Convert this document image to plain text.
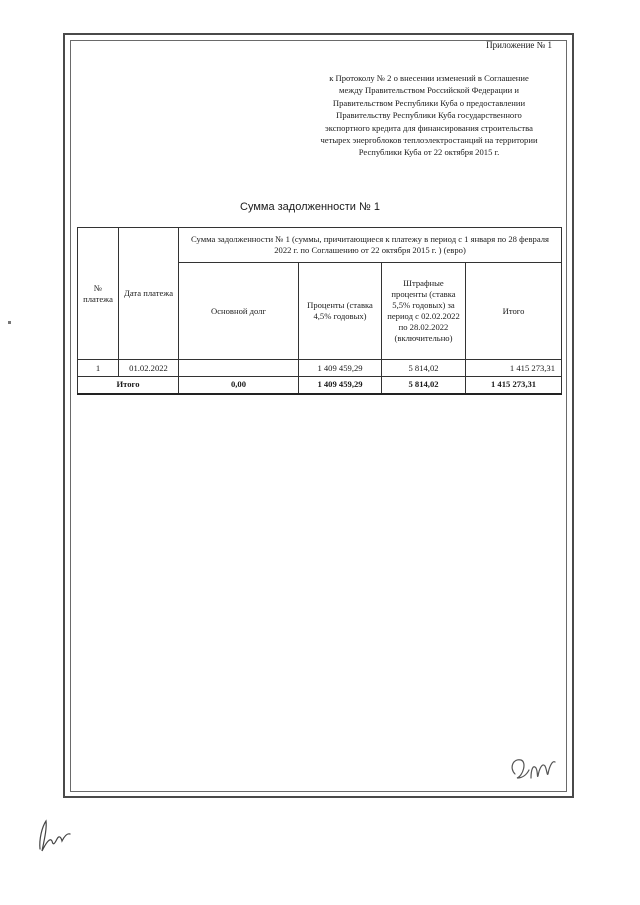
Приложение № 1
к Протоколу № 2 о внесении изменений в Соглашение
между Правительством Российской Федерации и
Правительством Республики Куба о предоставлении
Правительству Республики Куба государственного
экспортного кредита для финансирования строительства
четырех энергоблоков теплоэлектростанций на территории
Республики Куба от 22 октября 2015 г.
Сумма задолженности № 1
№ платежа	Дата платежа	Сумма задолженности № 1 (суммы, причитающиеся к платежу в период с 1 января по 28 февраля 2022 г. по Соглашению от 22 октября 2015 г. ) (евро)			
		Основной долг	Проценты (ставка 4,5% годовых)	Штрафные проценты (ставка 5,5% годовых) за период с 02.02.2022 по 28.02.2022 (включительно)	Итого
1	01.02.2022		1 409 459,29	5 814,02	1 415 273,31
Итого		0,00	1 409 459,29	5 814,02	1 415 273,31
